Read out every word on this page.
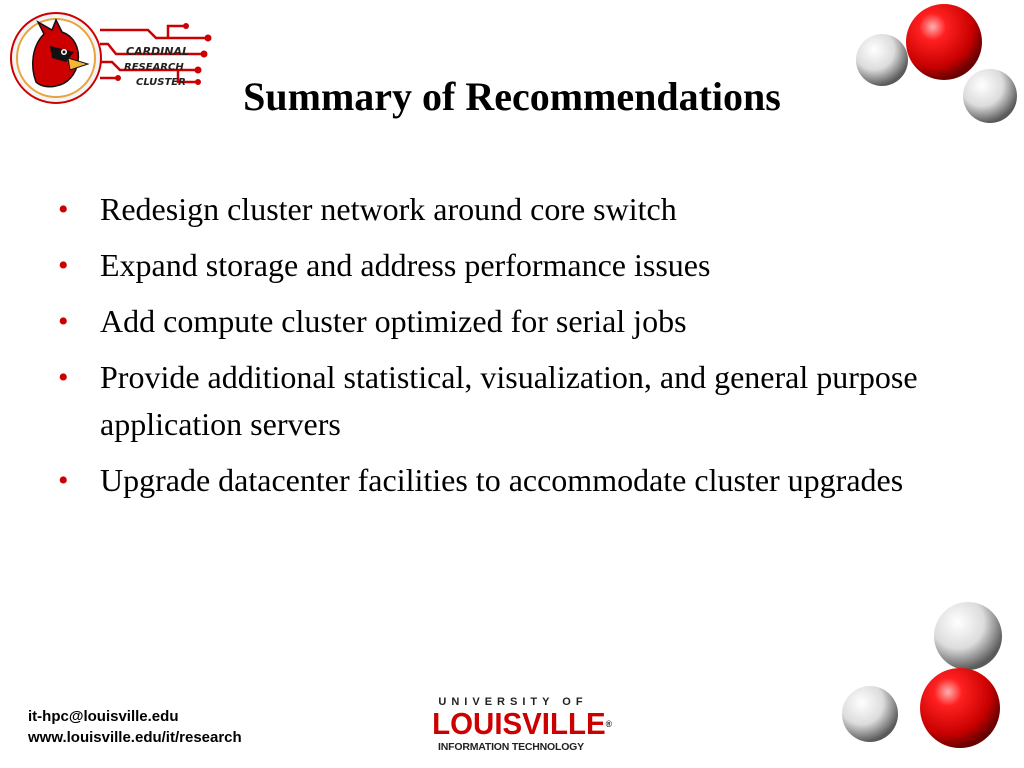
CARDINAL
RESEARCH
CLUSTER	Summary of Recommendations
• Redesign cluster network around core switch
• Expand storage and address performance issues
• Add compute cluster optimized for serial jobs
• Provide additional statistical, visualization, and general purpose application servers
• Upgrade datacenter facilities to accommodate cluster upgrades
it-hpc@louisville.edu
www.louisville.edu/it/research
UNIVERSITY OF
LOUISVILLE®
INFORMATION TECHNOLOGY
